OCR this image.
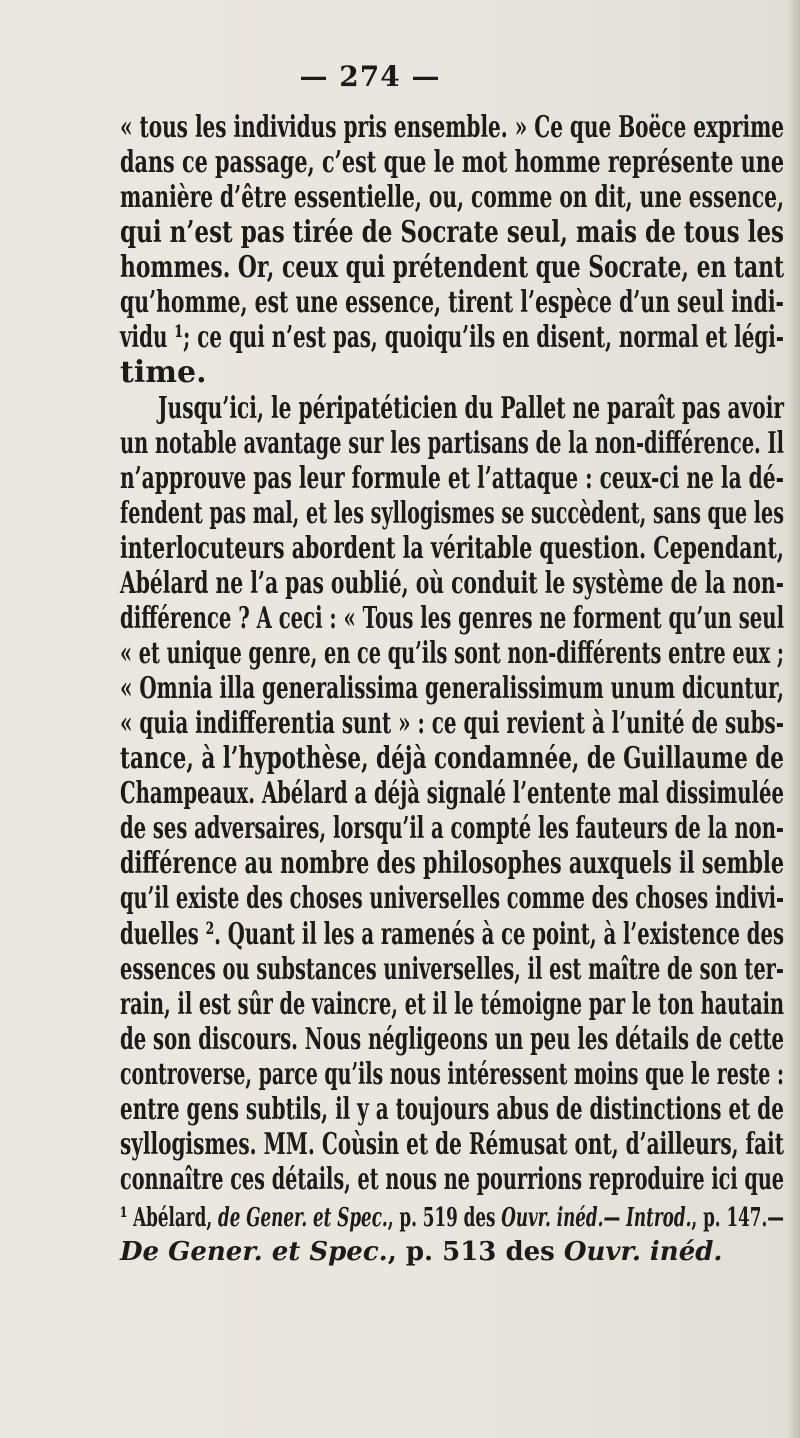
— 274 —
« tous les individus pris ensemble. » Ce que Boëce exprime
dans ce passage, c’est que le mot homme représente une
manière d’être essentielle, ou, comme on dit, une essence,
qui n’est pas tirée de Socrate seul, mais de tous les
hommes. Or, ceux qui prétendent que Socrate, en tant
qu’homme, est une essence, tirent l’espèce d’un seul indi-
vidu ¹; ce qui n’est pas, quoiqu’ils en disent, normal et légi-
time.
Jusqu’ici, le péripatéticien du Pallet ne paraît pas avoir
un notable avantage sur les partisans de la non-différence. Il
n’approuve pas leur formule et l’attaque : ceux-ci ne la dé-
fendent pas mal, et les syllogismes se succèdent, sans que les
interlocuteurs abordent la véritable question. Cependant,
Abélard ne l’a pas oublié, où conduit le système de la non-
différence ? A ceci : « Tous les genres ne forment qu’un seul
« et unique genre, en ce qu’ils sont non-différents entre eux ;
« Omnia illa generalissima generalissimum unum dicuntur,
« quia indifferentia sunt » : ce qui revient à l’unité de subs-
tance, à l’hypothèse, déjà condamnée, de Guillaume de
Champeaux. Abélard a déjà signalé l’entente mal dissimulée
de ses adversaires, lorsqu’il a compté les fauteurs de la non-
différence au nombre des philosophes auxquels il semble
qu’il existe des choses universelles comme des choses indivi-
duelles ². Quant il les a ramenés à ce point, à l’existence des
essences ou substances universelles, il est maître de son ter-
rain, il est sûr de vaincre, et il le témoigne par le ton hautain
de son discours. Nous négligeons un peu les détails de cette
controverse, parce qu’ils nous intéressent moins que le reste :
entre gens subtils, il y a toujours abus de distinctions et de
syllogismes. MM. Coùsin et de Rémusat ont, d’ailleurs, fait
connaître ces détails, et nous ne pourrions reproduire ici que
¹ Abélard, de Gener. et Spec., p. 519 des Ouvr. inéd.— Introd., p. 147.—
De Gener. et Spec., p. 513 des Ouvr. inéd.
